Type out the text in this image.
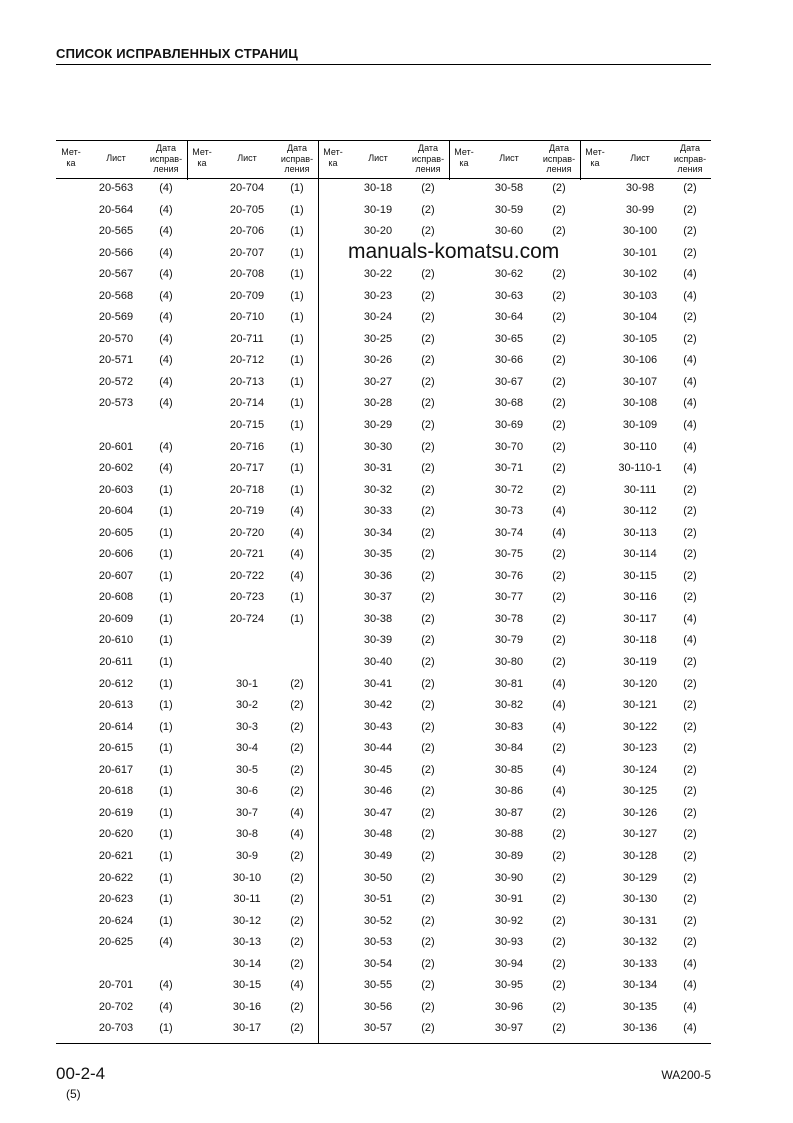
СПИСОК ИСПРАВЛЕННЫХ СТРАНИЦ
Мет-
ка	Лист
Дата
исправ-
ления
20-563	(4)
20-564	(4)
20-565	(4)
20-566	(4)
20-567	(4)
20-568	(4)
20-569	(4)
20-570	(4)
20-571	(4)
20-572	(4)
20-573	(4)
20-601	(4)
20-602	(4)
20-603	(1)
20-604	(1)
20-605	(1)
20-606	(1)
20-607	(1)
20-608	(1)
20-609	(1)
20-610	(1)
20-611	(1)
20-612	(1)
20-613	(1)
20-614	(1)
20-615	(1)
20-617	(1)
20-618	(1)
20-619	(1)
20-620	(1)
20-621	(1)
20-622	(1)
20-623	(1)
20-624	(1)
20-625	(4)
20-701	(4)
20-702	(4)
20-703	(1)
Мет-
ка	Лист
Дата
исправ-
ления
20-704	(1)
20-705	(1)
20-706	(1)
20-707	(1)
20-708	(1)
20-709	(1)
20-710	(1)
20-711	(1)
20-712	(1)
20-713	(1)
20-714	(1)
20-715	(1)
20-716	(1)
20-717	(1)
20-718	(1)
20-719	(4)
20-720	(4)
20-721	(4)
20-722	(4)
20-723	(1)
20-724	(1)
30-1	(2)
30-2	(2)
30-3	(2)
30-4	(2)
30-5	(2)
30-6	(2)
30-7	(4)
30-8	(4)
30-9	(2)
30-10	(2)
30-11	(2)
30-12	(2)
30-13	(2)
30-14	(2)
30-15	(4)
30-16	(2)
30-17	(2)
Мет-
ка	Лист
Дата
исправ-
ления
30-18	(2)
30-19	(2)
30-20	(2)
30-22	(2)
30-23	(2)
30-24	(2)
30-25	(2)
30-26	(2)
30-27	(2)
30-28	(2)
30-29	(2)
30-30	(2)
30-31	(2)
30-32	(2)
30-33	(2)
30-34	(2)
30-35	(2)
30-36	(2)
30-37	(2)
30-38	(2)
30-39	(2)
30-40	(2)
30-41	(2)
30-42	(2)
30-43	(2)
30-44	(2)
30-45	(2)
30-46	(2)
30-47	(2)
30-48	(2)
30-49	(2)
30-50	(2)
30-51	(2)
30-52	(2)
30-53	(2)
30-54	(2)
30-55	(2)
30-56	(2)
30-57	(2)
Мет-
ка	Лист
Дата
исправ-
ления
30-58	(2)
30-59	(2)
30-60	(2)
30-62	(2)
30-63	(2)
30-64	(2)
30-65	(2)
30-66	(2)
30-67	(2)
30-68	(2)
30-69	(2)
30-70	(2)
30-71	(2)
30-72	(2)
30-73	(4)
30-74	(4)
30-75	(2)
30-76	(2)
30-77	(2)
30-78	(2)
30-79	(2)
30-80	(2)
30-81	(4)
30-82	(4)
30-83	(4)
30-84	(2)
30-85	(4)
30-86	(4)
30-87	(2)
30-88	(2)
30-89	(2)
30-90	(2)
30-91	(2)
30-92	(2)
30-93	(2)
30-94	(2)
30-95	(2)
30-96	(2)
30-97	(2)
Мет-
ка	Лист
Дата
исправ-
ления
30-98	(2)
30-99	(2)
30-100	(2)
30-101	(2)
30-102	(4)
30-103	(4)
30-104	(2)
30-105	(2)
30-106	(4)
30-107	(4)
30-108	(4)
30-109	(4)
30-110	(4)
30-110-1	(4)
30-111	(2)
30-112	(2)
30-113	(2)
30-114	(2)
30-115	(2)
30-116	(2)
30-117	(4)
30-118	(4)
30-119	(2)
30-120	(2)
30-121	(2)
30-122	(2)
30-123	(2)
30-124	(2)
30-125	(2)
30-126	(2)
30-127	(2)
30-128	(2)
30-129	(2)
30-130	(2)
30-131	(2)
30-132	(2)
30-133	(4)
30-134	(4)
30-135	(4)
30-136	(4)
manuals-komatsu.com
00-2-4
(5)
WA200-5
